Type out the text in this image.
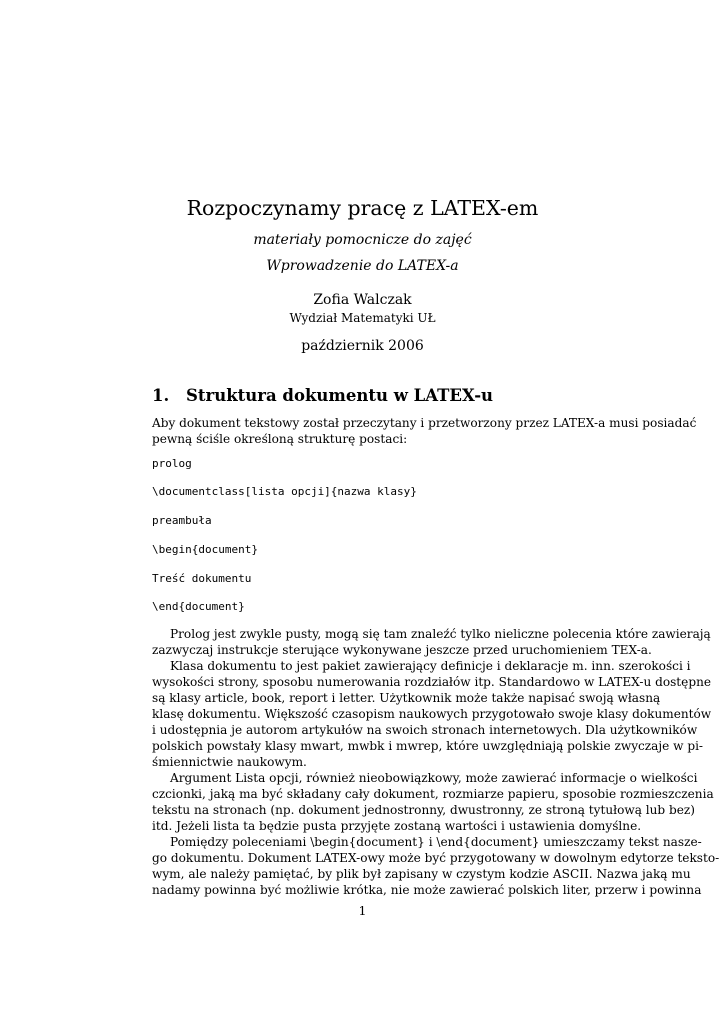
Rozpoczynamy pracę z LATEX-em
materiały pomocnicze do zajęć
Wprowadzenie do LATEX-a
Zofia Walczak
Wydział Matematyki UŁ
październik 2006
1. Struktura dokumentu w LATEX-u
Aby dokument tekstowy został przeczytany i przetworzony przez LATEX-a musi posiadać
pewną ściśle określoną strukturę postaci:
prolog
\documentclass[lista opcji]{nazwa klasy}
preambuła
\begin{document}
Treść dokumentu
\end{document}
Prolog jest zwykle pusty, mogą się tam znaleźć tylko nieliczne polecenia które zawierają
zazwyczaj instrukcje sterujące wykonywane jeszcze przed uruchomieniem TEX-a.
Klasa dokumentu to jest pakiet zawierający definicje i deklaracje m. inn. szerokości i
wysokości strony, sposobu numerowania rozdziałów itp. Standardowo w LATEX-u dostępne
są klasy article, book, report i letter. Użytkownik może także napisać swoją własną
klasę dokumentu. Większość czasopism naukowych przygotowało swoje klasy dokumentów
i udostępnia je autorom artykułów na swoich stronach internetowych. Dla użytkowników
polskich powstały klasy mwart, mwbk i mwrep, które uwzględniają polskie zwyczaje w pi-
śmiennictwie naukowym.
Argument Lista opcji, również nieobowiązkowy, może zawierać informacje o wielkości
czcionki, jaką ma być składany cały dokument, rozmiarze papieru, sposobie rozmieszczenia
tekstu na stronach (np. dokument jednostronny, dwustronny, ze stroną tytułową lub bez)
itd. Jeżeli lista ta będzie pusta przyjęte zostaną wartości i ustawienia domyślne.
Pomiędzy poleceniami \begin{document} i \end{document} umieszczamy tekst nasze-
go dokumentu. Dokument LATEX-owy może być przygotowany w dowolnym edytorze teksto-
wym, ale należy pamiętać, by plik był zapisany w czystym kodzie ASCII. Nazwa jaką mu
nadamy powinna być możliwie krótka, nie może zawierać polskich liter, przerw i powinna
1
